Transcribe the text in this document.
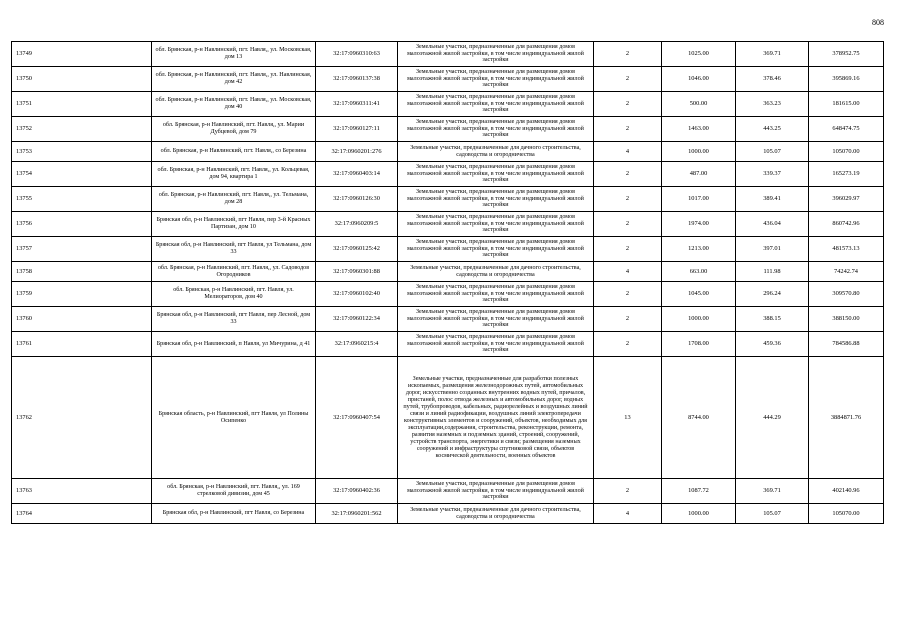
808
13749	обл. Брянская, р-н Навлинский, пгт. Навля,, ул. Московская, дом 13	32:17:0960310:63	Земельные участки, предназначенные для размещения домов малоэтажной жилой застройки, в том числе индивидуальной жилой застройки	2	1025.00	369.71	378952.75
13750	обл. Брянская, р-н Навлинский, пгт. Навля,, ул. Навлинская, дом 42	32:17:0960137:38	Земельные участки, предназначенные для размещения домов малоэтажной жилой застройки, в том числе индивидуальной жилой застройки	2	1046.00	378.46	395869.16
13751	обл. Брянская, р-н Навлинский, пгт. Навля,, ул. Московская, дом 40	32:17:0960311:41	Земельные участки, предназначенные для размещения домов малоэтажной жилой застройки, в том числе индивидуальной жилой застройки	2	500.00	363.23	181615.00
13752	обл. Брянская, р-н Навлинский, пгт. Навля,, ул. Марии Дубцевой, дом 79	32:17:0960127:11	Земельные участки, предназначенные для размещения домов малоэтажной жилой застройки, в том числе индивидуальной жилой застройки	2	1463.00	443.25	648474.75
13753	обл. Брянская, р-н Навлинский, пгт. Навля,, со Березина	32:17:0960201:276	Земельные участки, предназначенные для дачного строительства, садоводства и огородничества	4	1000.00	105.07	105070.00
13754	обл. Брянская, р-н Навлинский, пгт. Навля,, ул. Кольцевая, дом 94, квартира 1	32:17:0960403:14	Земельные участки, предназначенные для размещения домов малоэтажной жилой застройки, в том числе индивидуальной жилой застройки	2	487.00	339.37	165273.19
13755	обл. Брянская, р-н Навлинский, пгт. Навля,, ул. Тельмана, дом 28	32:17:0960126:30	Земельные участки, предназначенные для размещения домов малоэтажной жилой застройки, в том числе индивидуальной жилой застройки	2	1017.00	389.41	396029.97
13756	Брянская обл, р-н Навлинский, пгт Навля, пер 3-й Красных Партизан, дом 10	32:17:0960209:5	Земельные участки, предназначенные для размещения домов малоэтажной жилой застройки, в том числе индивидуальной жилой застройки	2	1974.00	436.04	860742.96
13757	Брянская обл, р-н Навлинский, пгт Навля, ул Тельмана, дом 33	32:17:0960125:42	Земельные участки, предназначенные для размещения домов малоэтажной жилой застройки, в том числе индивидуальной жилой застройки	2	1213.00	397.01	481573.13
13758	обл. Брянская, р-н Навлинский, пгт. Навля,, ул. Садоводов Огородников	32:17:0960301:88	Земельные участки, предназначенные для дачного строительства, садоводства и огородничества	4	663.00	111.98	74242.74
13759	обл. Брянская, р-н Навлинский, пгт. Навля, ул. Мелиораторов, дом 40	32:17:0960102:40	Земельные участки, предназначенные для размещения домов малоэтажной жилой застройки, в том числе индивидуальной жилой застройки	2	1045.00	296.24	309570.80
13760	Брянская обл, р-н Навлинский, пгт Навля, пер Лесной, дом 33	32:17:0960122:34	Земельные участки, предназначенные для размещения домов малоэтажной жилой застройки, в том числе индивидуальной жилой застройки	2	1000.00	388.15	388150.00
13761	Брянская обл, р-н Навлинский, п Навля, ул Мичурина, д 41	32:17:0960215:4	Земельные участки, предназначенные для размещения домов малоэтажной жилой застройки, в том числе индивидуальной жилой застройки	2	1708.00	459.36	784586.88
13762	Брянская область, р-н Навлинский, пгт Навля, ул Полины Осипенко	32:17:0960407:54	Земельные участки, предназначенные для разработки полезных ископаемых, размещения железнодорожных путей, автомобильных дорог, искусственно созданных внутренних водных путей, причалов, пристаней, полос отвода железных и автомобильных дорог, водных путей, трубопроводов, кабельных, радиорелейных и воздушных линий связи и линий радиофикации, воздушных линий электропередачи конструктивных элементов и сооружений, объектов, необходимых для эксплуатации,содержания, строительства, реконструкции, ремонта, развития наземных и подземных зданий, строений, сооружений, устройств транспорта, энергетики и связи; размещения наземных сооружений и инфраструктуры спутниковой связи, объектов космической деятельности, военных объектов	13	8744.00	444.29	3884871.76
13763	обл. Брянская, р-н Навлинский, пгт. Навля,, ул. 169 стрелковой дивизии, дом 45	32:17:0960402:36	Земельные участки, предназначенные для размещения домов малоэтажной жилой застройки, в том числе индивидуальной жилой застройки	2	1087.72	369.71	402140.96
13764	Брянская обл, р-н Навлинский, пгт Навля, со Березина	32:17:0960201:562	Земельные участки, предназначенные для дачного строительства, садоводства и огородничества	4	1000.00	105.07	105070.00
